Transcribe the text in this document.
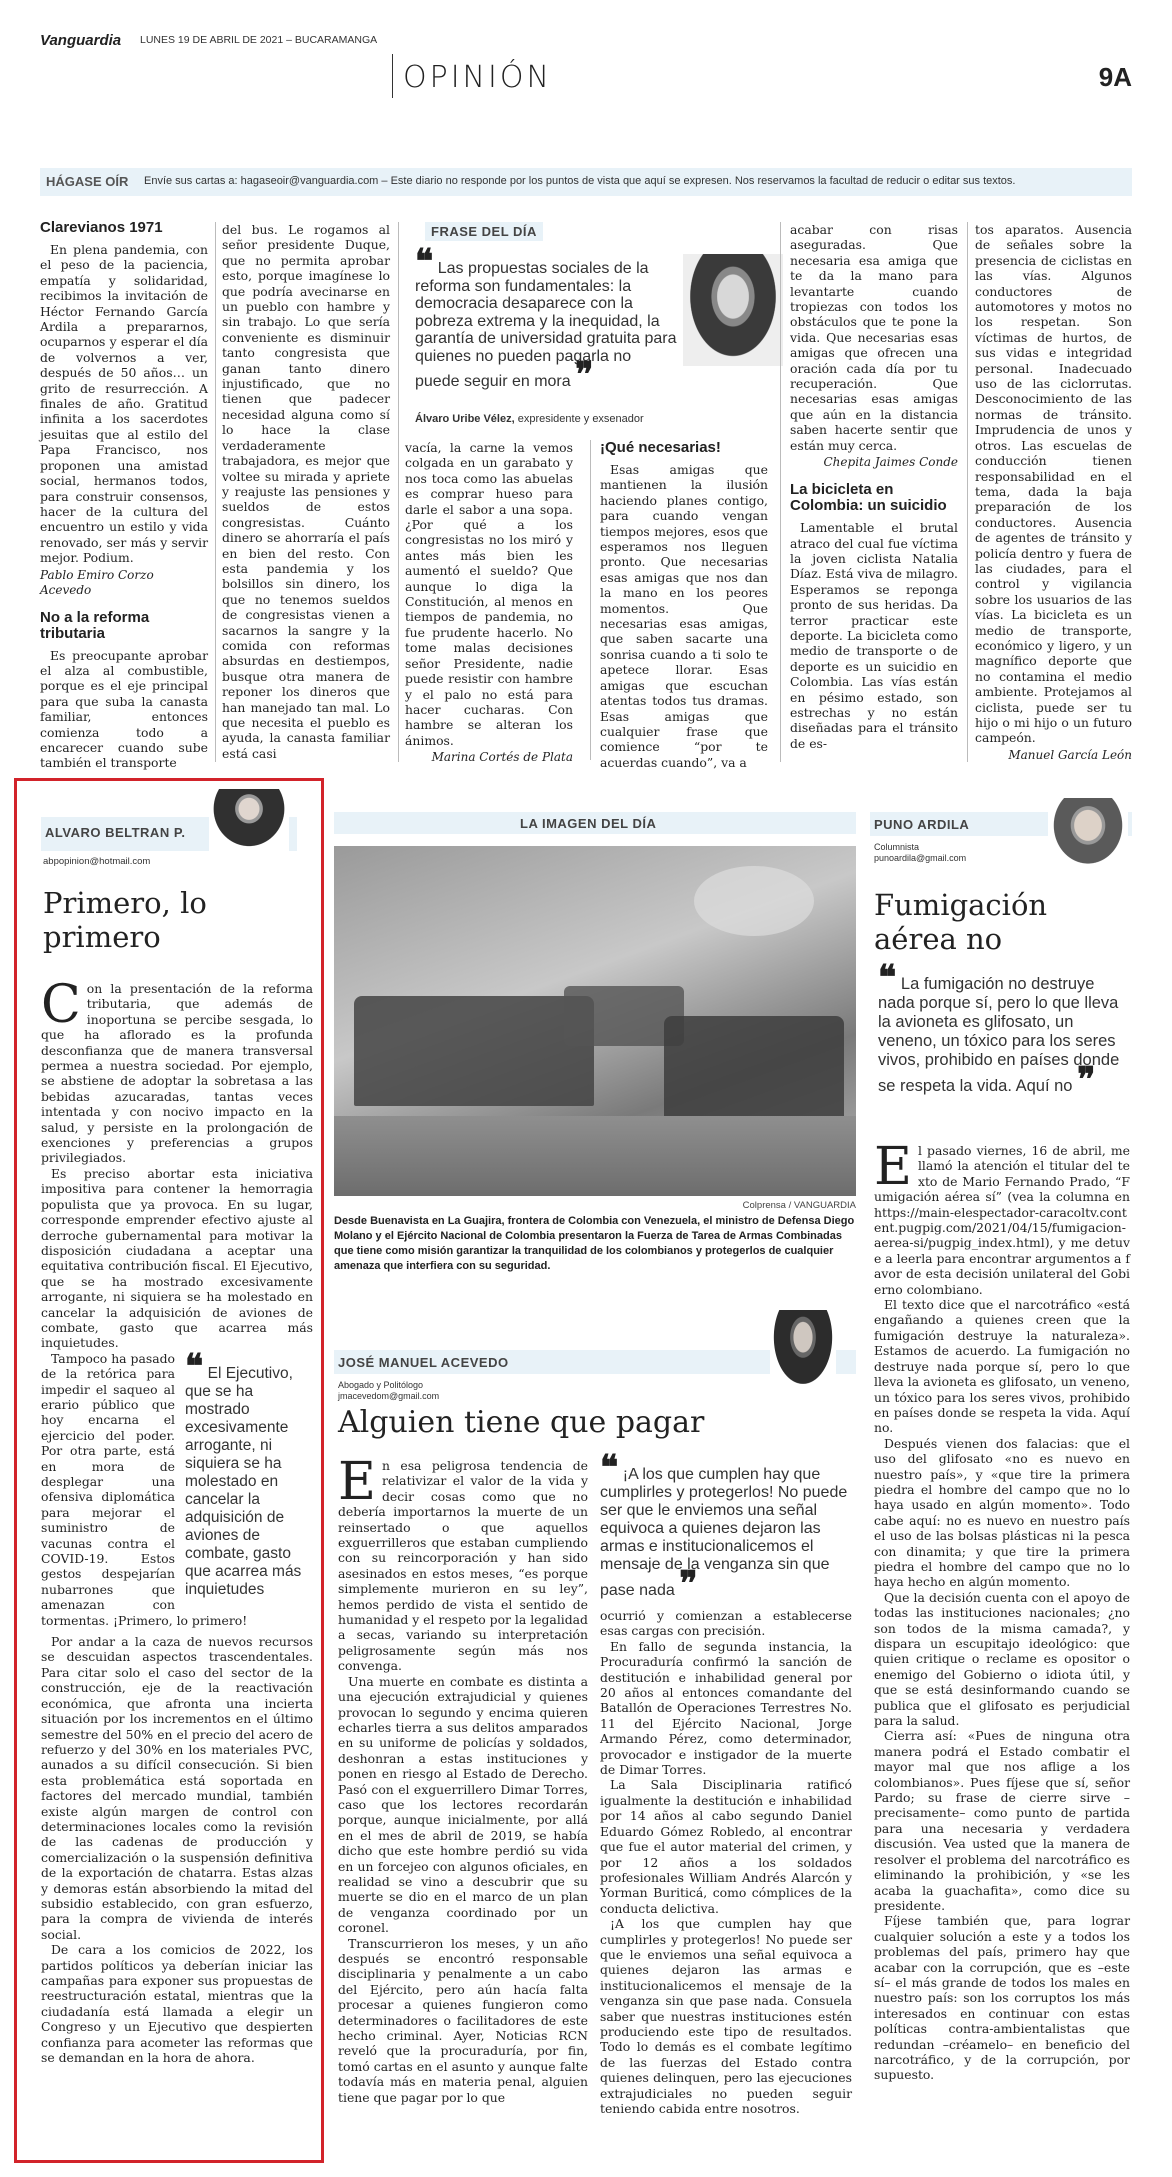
Vanguardia LUNES 19 DE ABRIL DE 2021 – BUCARAMANGA
OPINIÓN	9A
HÁGASE OÍR Envíe sus cartas a: hagaseoir@vanguardia.com – Este diario no responde por los puntos de vista que aquí se expresen. Nos reservamos la facultad de reducir o editar sus textos.
Clarevianos 1971

En plena pandemia, con el peso de la paciencia, empatía y solidaridad, recibimos la invitación de Héctor Fernando García Ardila a prepararnos, ocuparnos y esperar el día de volvernos a ver, después de 50 años… un grito de resurrección. A finales de año. Gratitud infinita a los sacerdotes jesuitas que al estilo del Papa Francisco, nos proponen una amistad social, hermanos todos, para construir consensos, hacer de la cultura del encuentro un estilo y vida renovado, ser más y servir mejor. Podium.

Pablo Emiro Corzo Acevedo
No a la reforma tributaria

Es preocupante aprobar el alza al combustible, porque es el eje principal para que suba la canasta familiar, entonces comienza todo a encarecer cuando sube también el transporte

del bus. Le rogamos al señor presidente Duque, que no permita aprobar esto, porque imagínese lo que podría avecinarse en un pueblo con hambre y sin trabajo. Lo que sería conveniente es disminuir tanto congresista que ganan tanto dinero injustificado, que no tienen que padecer necesidad alguna como sí lo hace la clase verdaderamente trabajadora, es mejor que voltee su mirada y apriete y reajuste las pensiones y sueldos de estos congresistas. Cuánto dinero se ahorraría el país en bien del resto. Con esta pandemia y los bolsillos sin dinero, los que no tenemos sueldos de congresistas vienen a sacarnos la sangre y la comida con reformas absurdas en destiempos, busque otra manera de reponer los dineros que han manejado tan mal. Lo que necesita el pueblo es ayuda, la canasta familiar está casi

FRASE DEL DÍA
❝ Las propuestas sociales de la reforma son fundamentales: la democracia desaparece con la pobreza extrema y la inequidad, la garantía de universidad gratuita para quienes no pueden pagarla no puede seguir en mora ❞
Álvaro Uribe Vélez, expresidente y exsenador

vacía, la carne la vemos colgada en un garabato y nos toca como las abuelas es comprar hueso para darle el sabor a una sopa. ¿Por qué a los congresistas no los miró y antes más bien les aumentó el sueldo? Que aunque lo diga la Constitución, al menos en tiempos de pandemia, no fue prudente hacerlo. No tome malas decisiones señor Presidente, nadie puede resistir con hambre y el palo no está para hacer cucharas. Con hambre se alteran los ánimos.

Marina Cortés de Plata
¡Qué necesarias!

Esas amigas que mantienen la ilusión haciendo planes contigo, para cuando vengan tiempos mejores, esos que esperamos nos lleguen pronto. Que necesarias esas amigas que nos dan la mano en los peores momentos. Que necesarias esas amigas, que saben sacarte una sonrisa cuando a ti solo te apetece llorar. Esas amigas que escuchan atentas todos tus dramas. Esas amigas que cualquier frase que comience “por te acuerdas cuando”, va a

acabar con risas aseguradas. Que necesaria esa amiga que te da la mano para levantarte cuando tropiezas con todos los obstáculos que te pone la vida. Que necesarias esas amigas que ofrecen una oración cada día por tu recuperación. Que necesarias esas amigas que aún en la distancia saben hacerte sentir que están muy cerca.

Chepita Jaimes Conde
La bicicleta en Colombia: un suicidio

Lamentable el brutal atraco del cual fue víctima la joven ciclista Natalia Díaz. Está viva de milagro. Esperamos se reponga pronto de sus heridas. Da terror practicar este deporte. La bicicleta como medio de transporte o de deporte es un suicidio en Colombia. Las vías están en pésimo estado, son estrechas y no están diseñadas para el tránsito de es-

tos aparatos. Ausencia de señales sobre la presencia de ciclistas en las vías. Algunos conductores de automotores y motos no los respetan. Son víctimas de hurtos, de sus vidas e integridad personal. Inadecuado uso de las ciclorrutas. Desconocimiento de las normas de tránsito. Imprudencia de unos y otros. Las escuelas de conducción tienen responsabilidad en el tema, dada la baja preparación de los conductores. Ausencia de agentes de tránsito y policía dentro y fuera de las ciudades, para el control y vigilancia sobre los usuarios de las vías. La bicicleta es un medio de transporte, económico y ligero, y un magnífico deporte que no contamina el medio ambiente. Protejamos al ciclista, puede ser tu hijo o mi hijo o un futuro campeón.

Manuel García León
ALVARO BELTRAN P.
abpopinion@hotmail.com
Primero, lo primero

Con la presentación de la reforma tributaria, que además de inoportuna se percibe sesgada, lo que ha aflorado es la profunda desconfianza que de manera transversal permea a nuestra sociedad. Por ejemplo, se abstiene de adoptar la sobretasa a las bebidas azucaradas, tantas veces intentada y con nocivo impacto en la salud, y persiste en la prolongación de exenciones y preferencias a grupos privilegiados.

Es preciso abortar esta iniciativa impositiva para contener la hemorragia populista que ya provoca. En su lugar, corresponde emprender efectivo ajuste al derroche gubernamental para motivar la disposición ciudadana a aceptar una equitativa contribución fiscal. El Ejecutivo, que se ha mostrado excesivamente arrogante, ni siquiera se ha molestado en cancelar la adquisición de aviones de combate, gasto que acarrea más inquietudes.

❝ El Ejecutivo, que se ha mostrado excesivamente arrogante, ni siquiera se ha molestado en cancelar la adquisición de aviones de combate, gasto que acarrea más inquietudes

Tampoco ha pasado de la retórica para impedir el saqueo al erario público que hoy encarna el ejercicio del poder. Por otra parte, está en mora de desplegar una ofensiva diplomática para mejorar el suministro de vacunas contra el COVID-19. Estos gestos despejarían nubarrones que amenazan con tormentas. ¡Primero, lo primero!

Por andar a la caza de nuevos recursos se descuidan aspectos trascendentales. Para citar solo el caso del sector de la construcción, eje de la reactivación económica, que afronta una incierta situación por los incrementos en el último semestre del 50% en el precio del acero de refuerzo y del 30% en los materiales PVC, aunados a su difícil consecución. Si bien esta problemática está soportada en factores del mercado mundial, también existe algún margen de control con determinaciones locales como la revisión de las cadenas de producción y comercialización o la suspensión definitiva de la exportación de chatarra. Estas alzas y demoras están absorbiendo la mitad del subsidio establecido, con gran esfuerzo, para la compra de vivienda de interés social.

De cara a los comicios de 2022, los partidos políticos ya deberían iniciar las campañas para exponer sus propuestas de reestructuración estatal, mientras que la ciudadanía está llamada a elegir un Congreso y un Ejecutivo que despierten confianza para acometer las reformas que se demandan en la hora de ahora.

LA IMAGEN DEL DÍA
Colprensa / VANGUARDIA
Desde Buenavista en La Guajira, frontera de Colombia con Venezuela, el ministro de Defensa Diego Molano y el Ejército Nacional de Colombia presentaron la Fuerza de Tarea de Armas Combinadas que tiene como misión garantizar la tranquilidad de los colombianos y protegerlos de cualquier amenaza que interfiera con su seguridad.
JOSÉ MANUEL ACEVEDO
Abogado y Politólogo
jmacevedom@gmail.com
Alguien tiene que pagar

En esa peligrosa tendencia de relativizar el valor de la vida y decir cosas como que no debería importarnos la muerte de un reinsertado o que aquellos exguerrilleros que estaban cumpliendo con su reincorporación y han sido asesinados en estos meses, “es porque simplemente murieron en su ley”, hemos perdido de vista el sentido de humanidad y el respeto por la legalidad a secas, variando su interpretación peligrosamente según más nos convenga.

Una muerte en combate es distinta a una ejecución extrajudicial y quienes provocan lo segundo y encima quieren echarles tierra a sus delitos amparados en su uniforme de policías y soldados, deshonran a estas instituciones y ponen en riesgo al Estado de Derecho. Pasó con el exguerrillero Dimar Torres, caso que los lectores recordarán porque, aunque inicialmente, por allá en el mes de abril de 2019, se había dicho que este hombre perdió su vida en un forcejeo con algunos oficiales, en realidad se vino a descubrir que su muerte se dio en el marco de un plan de venganza coordinado por un coronel.

Transcurrieron los meses, y un año después se encontró responsable disciplinaria y penalmente a un cabo del Ejército, pero aún hacía falta procesar a quienes fungieron como determinadores o facilitadores de este hecho criminal. Ayer, Noticias RCN reveló que la procuraduría, por fin, tomó cartas en el asunto y aunque falte todavía más en materia penal, alguien tiene que pagar por lo que

❝ ¡A los que cumplen hay que cumplirles y protegerlos! No puede ser que le enviemos una señal equivoca a quienes dejaron las armas e institucionalicemos el mensaje de la venganza sin que pase nada ❞

ocurrió y comienzan a establecerse esas cargas con precisión.

En fallo de segunda instancia, la Procuraduría confirmó la sanción de destitución e inhabilidad general por 20 años al entonces comandante del Batallón de Operaciones Terrestres No. 11 del Ejército Nacional, Jorge Armando Pérez, como determinador, provocador e instigador de la muerte de Dimar Torres.

La Sala Disciplinaria ratificó igualmente la destitución e inhabilidad por 14 años al cabo segundo Daniel Eduardo Gómez Robledo, al encontrar que fue el autor material del crimen, y por 12 años a los soldados profesionales William Andrés Alarcón y Yorman Buriticá, como cómplices de la conducta delictiva.

¡A los que cumplen hay que cumplirles y protegerlos! No puede ser que le enviemos una señal equivoca a quienes dejaron las armas e institucionalicemos el mensaje de la venganza sin que pase nada. Consuela saber que nuestras instituciones estén produciendo este tipo de resultados. Todo lo demás es el combate legítimo de las fuerzas del Estado contra quienes delinquen, pero las ejecuciones extrajudiciales no pueden seguir teniendo cabida entre nosotros.

PUNO ARDILA
Columnista
punoardila@gmail.com
Fumigación aérea no
❝ La fumigación no destruye nada porque sí, pero lo que lleva la avioneta es glifosato, un veneno, un tóxico para los seres vivos, prohibido en países donde se respeta la vida. Aquí no ❞

El pasado viernes, 16 de abril, me llamó la atención el titular del texto de Mario Fernando Prado, “Fumigación aérea sí” (vea la columna en https://main-elespectador-caracoltv.content.pugpig.com/2021/04/15/fumigacion-aerea-si/pugpig_index.html), y me detuve a leerla para encontrar argumentos a favor de esta decisión unilateral del Gobierno colombiano.

El texto dice que el narcotráfico «está engañando a quienes creen que la fumigación destruye la naturaleza». Estamos de acuerdo. La fumigación no destruye nada porque sí, pero lo que lleva la avioneta es glifosato, un veneno, un tóxico para los seres vivos, prohibido en países donde se respeta la vida. Aquí no.

Después vienen dos falacias: que el uso del glifosato «no es nuevo en nuestro país», y «que tire la primera piedra el hombre del campo que no lo haya usado en algún momento». Todo cabe aquí: no es nuevo en nuestro país el uso de las bolsas plásticas ni la pesca con dinamita; y que tire la primera piedra el hombre del campo que no lo haya hecho en algún momento.

Que la decisión cuenta con el apoyo de todas las instituciones nacionales; ¿no son todos de la misma camada?, y dispara un escupitajo ideológico: que quien critique o reclame es opositor o enemigo del Gobierno o idiota útil, y que se está desinformando cuando se publica que el glifosato es perjudicial para la salud.

Cierra así: «Pues de ninguna otra manera podrá el Estado combatir el mayor mal que nos aflige a los colombianos». Pues fíjese que sí, señor Pardo; su frase de cierre sirve –precisamente– como punto de partida para una necesaria y verdadera discusión. Vea usted que la manera de resolver el problema del narcotráfico es eliminando la prohibición, y «se les acaba la guachafita», como dice su presidente.

Fíjese también que, para lograr cualquier solución a este y a todos los problemas del país, primero hay que acabar con la corrupción, que es –este sí– el más grande de todos los males en nuestro país: son los corruptos los más interesados en continuar con estas políticas contra-ambientalistas que redundan –créamelo– en beneficio del narcotráfico, y de la corrupción, por supuesto.
